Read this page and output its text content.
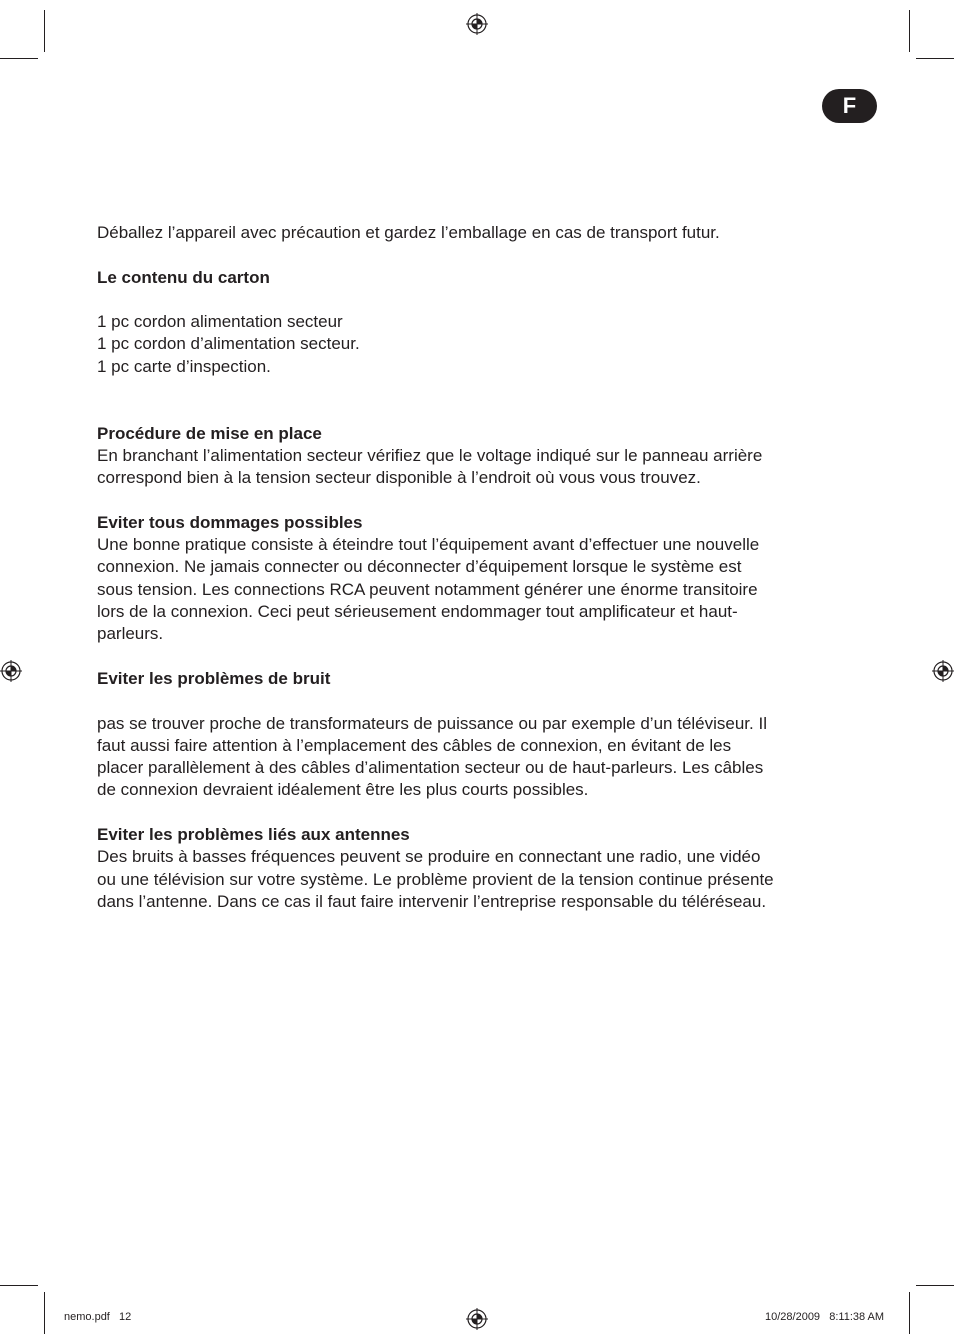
F

Déballez l’appareil avec précaution et gardez l’emballage en cas de transport futur.

Le contenu du carton

1 pc cordon alimentation secteur

1 pc cordon d’alimentation secteur.

1 pc carte d’inspection.

Procédure de mise en place

En branchant l’alimentation secteur vérifiez que le voltage indiqué sur le panneau arrière

correspond bien à la tension secteur disponible à l’endroit où vous vous trouvez.

Eviter tous dommages possibles

Une bonne pratique consiste à éteindre tout l’équipement avant d’effectuer une nouvelle

connexion. Ne jamais connecter ou déconnecter d’équipement lorsque le système est

sous tension. Les connections RCA peuvent notamment générer une énorme transitoire

lors de la connexion. Ceci peut sérieusement endommager tout amplificateur et haut-

parleurs.

Eviter les problèmes de bruit

pas se trouver proche de transformateurs de puissance ou par exemple d’un téléviseur. Il

faut aussi faire attention à l’emplacement des câbles de connexion, en évitant de les

placer parallèlement à des câbles d’alimentation secteur ou de haut-parleurs. Les câbles

de connexion devraient idéalement être les plus courts possibles.

Eviter les problèmes liés aux antennes

Des bruits à basses fréquences peuvent se produire en connectant une radio, une vidéo

ou une télévision sur votre système. Le problème provient de la tension continue présente

dans l’antenne. Dans ce cas il faut faire intervenir l’entreprise responsable du téléréseau.

nemo.pdf   12	10/28/2009   8:11:38 AM
